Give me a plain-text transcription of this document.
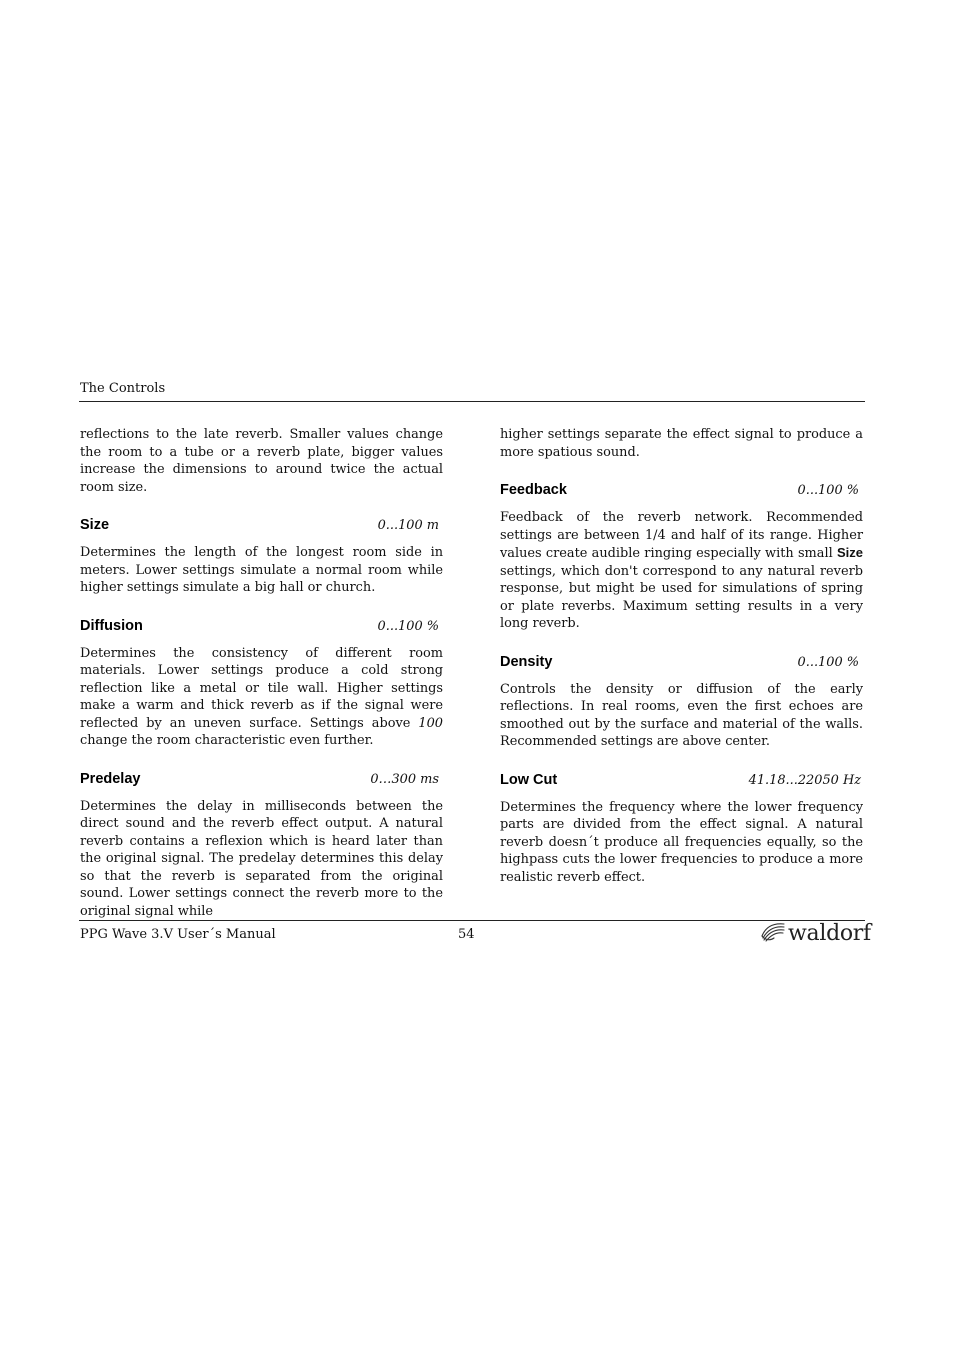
The Controls

reflections to the late reverb. Smaller values change the room to a tube or a reverb plate, bigger values increase the dimensions to around twice the actual room size.

Size	0...100 m

Determines the length of the longest room side in meters. Lower settings simulate a normal room while higher settings simulate a big hall or church.

Diffusion	0...100 %

Determines the consistency of different room materials. Lower settings produce a cold strong reflection like a metal or tile wall. Higher settings make a warm and thick reverb as if the signal were reflected by an uneven surface. Settings above 100 change the room characteristic even further.

Predelay	0…300 ms

Determines the delay in milliseconds between the direct sound and the reverb effect output. A natural reverb contains a reflexion which is heard later than the original signal. The predelay determines this delay so that the reverb is separated from the original sound. Lower settings connect the reverb more to the original signal while

higher settings separate the effect signal to produce a more spatious sound.

Feedback	0...100 %

Feedback of the reverb network. Recommended settings are between 1/4 and half of its range. Higher values create audible ringing especially with small Size settings, which don't correspond to any natural reverb response, but might be used for simulations of spring or plate reverbs. Maximum setting results in a very long reverb.

Density	0...100 %

Controls the density or diffusion of the early reflections. In real rooms, even the first echoes are smoothed out by the surface and material of the walls. Recommended settings are above center.

Low Cut	41.18...22050 Hz

Determines the frequency where the lower frequency parts are divided from the effect signal. A natural reverb doesn´t produce all frequencies equally, so the highpass cuts the lower frequencies to produce a more realistic reverb effect.

PPG Wave 3.V User´s Manual	54	waldorf
